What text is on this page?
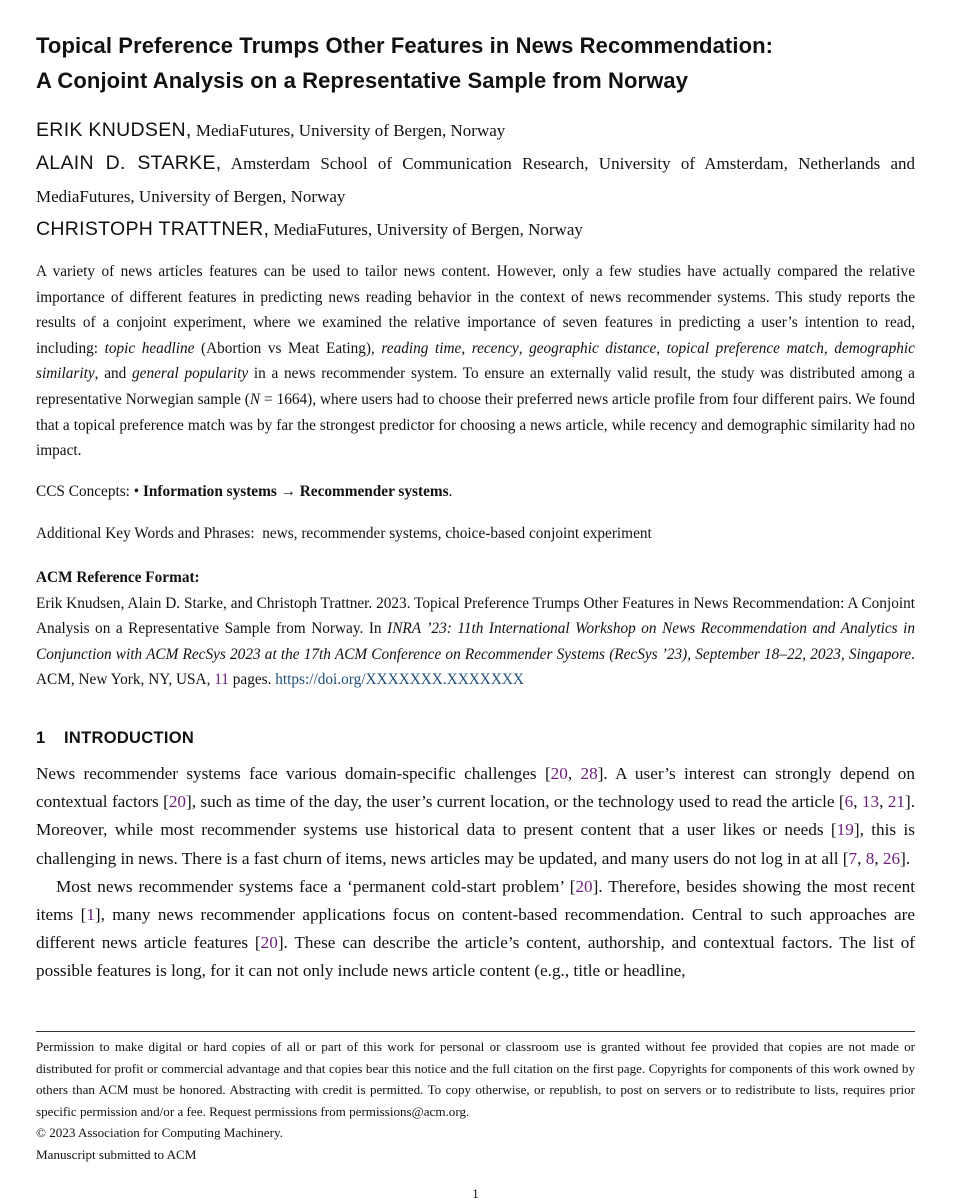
Topical Preference Trumps Other Features in News Recommendation:
A Conjoint Analysis on a Representative Sample from Norway

ERIK KNUDSEN, MediaFutures, University of Bergen, Norway

ALAIN D. STARKE, Amsterdam School of Communication Research, University of Amsterdam, Netherlands and MediaFutures, University of Bergen, Norway

CHRISTOPH TRATTNER, MediaFutures, University of Bergen, Norway

A variety of news articles features can be used to tailor news content. However, only a few studies have actually compared the relative importance of different features in predicting news reading behavior in the context of news recommender systems. This study reports the results of a conjoint experiment, where we examined the relative importance of seven features in predicting a user’s intention to read, including: topic headline (Abortion vs Meat Eating), reading time, recency, geographic distance, topical preference match, demographic similarity, and general popularity in a news recommender system. To ensure an externally valid result, the study was distributed among a representative Norwegian sample (N = 1664), where users had to choose their preferred news article profile from four different pairs. We found that a topical preference match was by far the strongest predictor for choosing a news article, while recency and demographic similarity had no impact.

CCS Concepts: • Information systems → Recommender systems.

Additional Key Words and Phrases: news, recommender systems, choice-based conjoint experiment

ACM Reference Format:

Erik Knudsen, Alain D. Starke, and Christoph Trattner. 2023. Topical Preference Trumps Other Features in News Recommendation: A Conjoint Analysis on a Representative Sample from Norway. In INRA ’23: 11th International Workshop on News Recommendation and Analytics in Conjunction with ACM RecSys 2023 at the 17th ACM Conference on Recommender Systems (RecSys ’23), September 18–22, 2023, Singapore. ACM, New York, NY, USA, 11 pages. https://doi.org/XXXXXXX.XXXXXXX

1 INTRODUCTION

News recommender systems face various domain-specific challenges [20, 28]. A user’s interest can strongly depend on contextual factors [20], such as time of the day, the user’s current location, or the technology used to read the article [6, 13, 21]. Moreover, while most recommender systems use historical data to present content that a user likes or needs [19], this is challenging in news. There is a fast churn of items, news articles may be updated, and many users do not log in at all [7, 8, 26].

Most news recommender systems face a ‘permanent cold-start problem’ [20]. Therefore, besides showing the most recent items [1], many news recommender applications focus on content-based recommendation. Central to such approaches are different news article features [20]. These can describe the article’s content, authorship, and contextual factors. The list of possible features is long, for it can not only include news article content (e.g., title or headline,

Permission to make digital or hard copies of all or part of this work for personal or classroom use is granted without fee provided that copies are not made or distributed for profit or commercial advantage and that copies bear this notice and the full citation on the first page. Copyrights for components of this work owned by others than ACM must be honored. Abstracting with credit is permitted. To copy otherwise, or republish, to post on servers or to redistribute to lists, requires prior specific permission and/or a fee. Request permissions from permissions@acm.org.

© 2023 Association for Computing Machinery.

Manuscript submitted to ACM

1
